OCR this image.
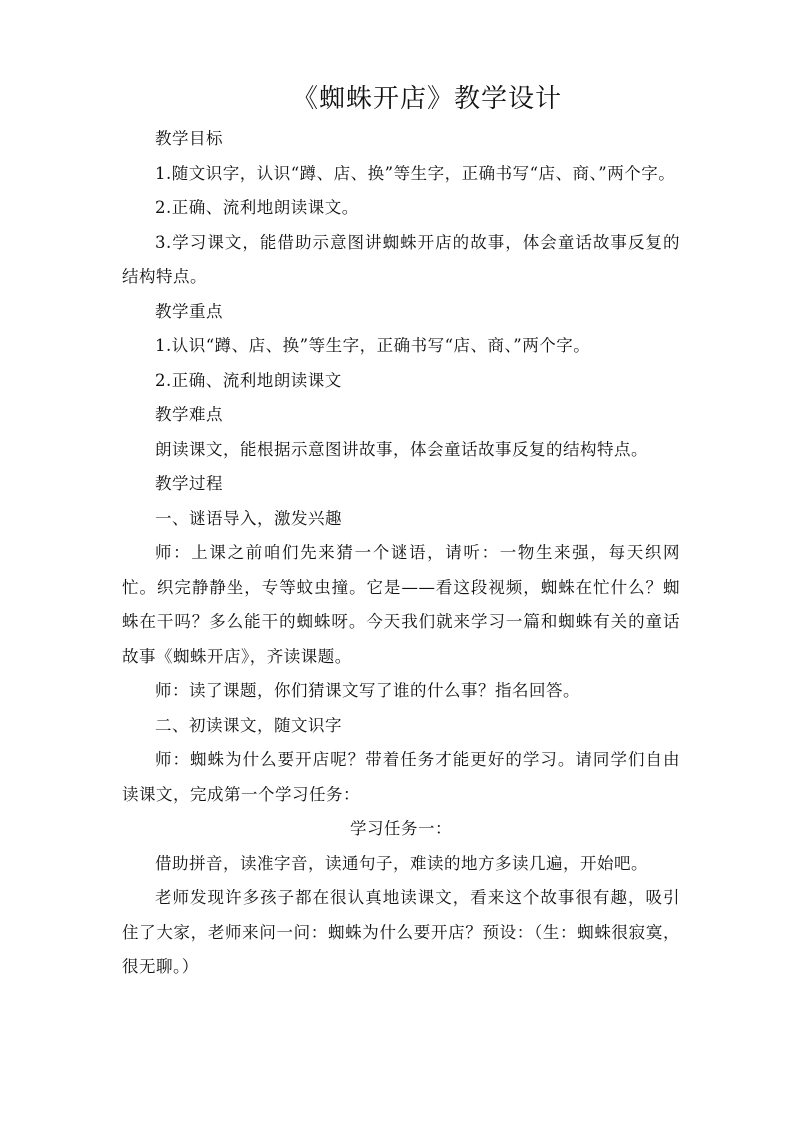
《蜘蛛开店》教学设计

教学目标

1.随文识字，认识“蹲、店、换”等生字，正确书写“店、商、”两个字。

2.正确、流利地朗读课文。

3.学习课文，能借助示意图讲蜘蛛开店的故事，体会童话故事反复的结构特点。

教学重点

1.认识“蹲、店、换”等生字，正确书写“店、商、”两个字。

2.正确、流利地朗读课文

教学难点

朗读课文，能根据示意图讲故事，体会童话故事反复的结构特点。

教学过程

一、谜语导入，激发兴趣

师：上课之前咱们先来猜一个谜语，请听：一物生来强，每天织网忙。织完静静坐，专等蚊虫撞。它是——看这段视频，蜘蛛在忙什么？蜘蛛在干吗？多么能干的蜘蛛呀。今天我们就来学习一篇和蜘蛛有关的童话故事《蜘蛛开店》，齐读课题。

师：读了课题，你们猜课文写了谁的什么事？指名回答。

二、初读课文，随文识字

师：蜘蛛为什么要开店呢？带着任务才能更好的学习。请同学们自由读课文，完成第一个学习任务：

学习任务一：

借助拼音，读准字音，读通句子，难读的地方多读几遍，开始吧。

老师发现许多孩子都在很认真地读课文，看来这个故事很有趣，吸引住了大家，老师来问一问：蜘蛛为什么要开店？预设：（生：蜘蛛很寂寞，很无聊。）
